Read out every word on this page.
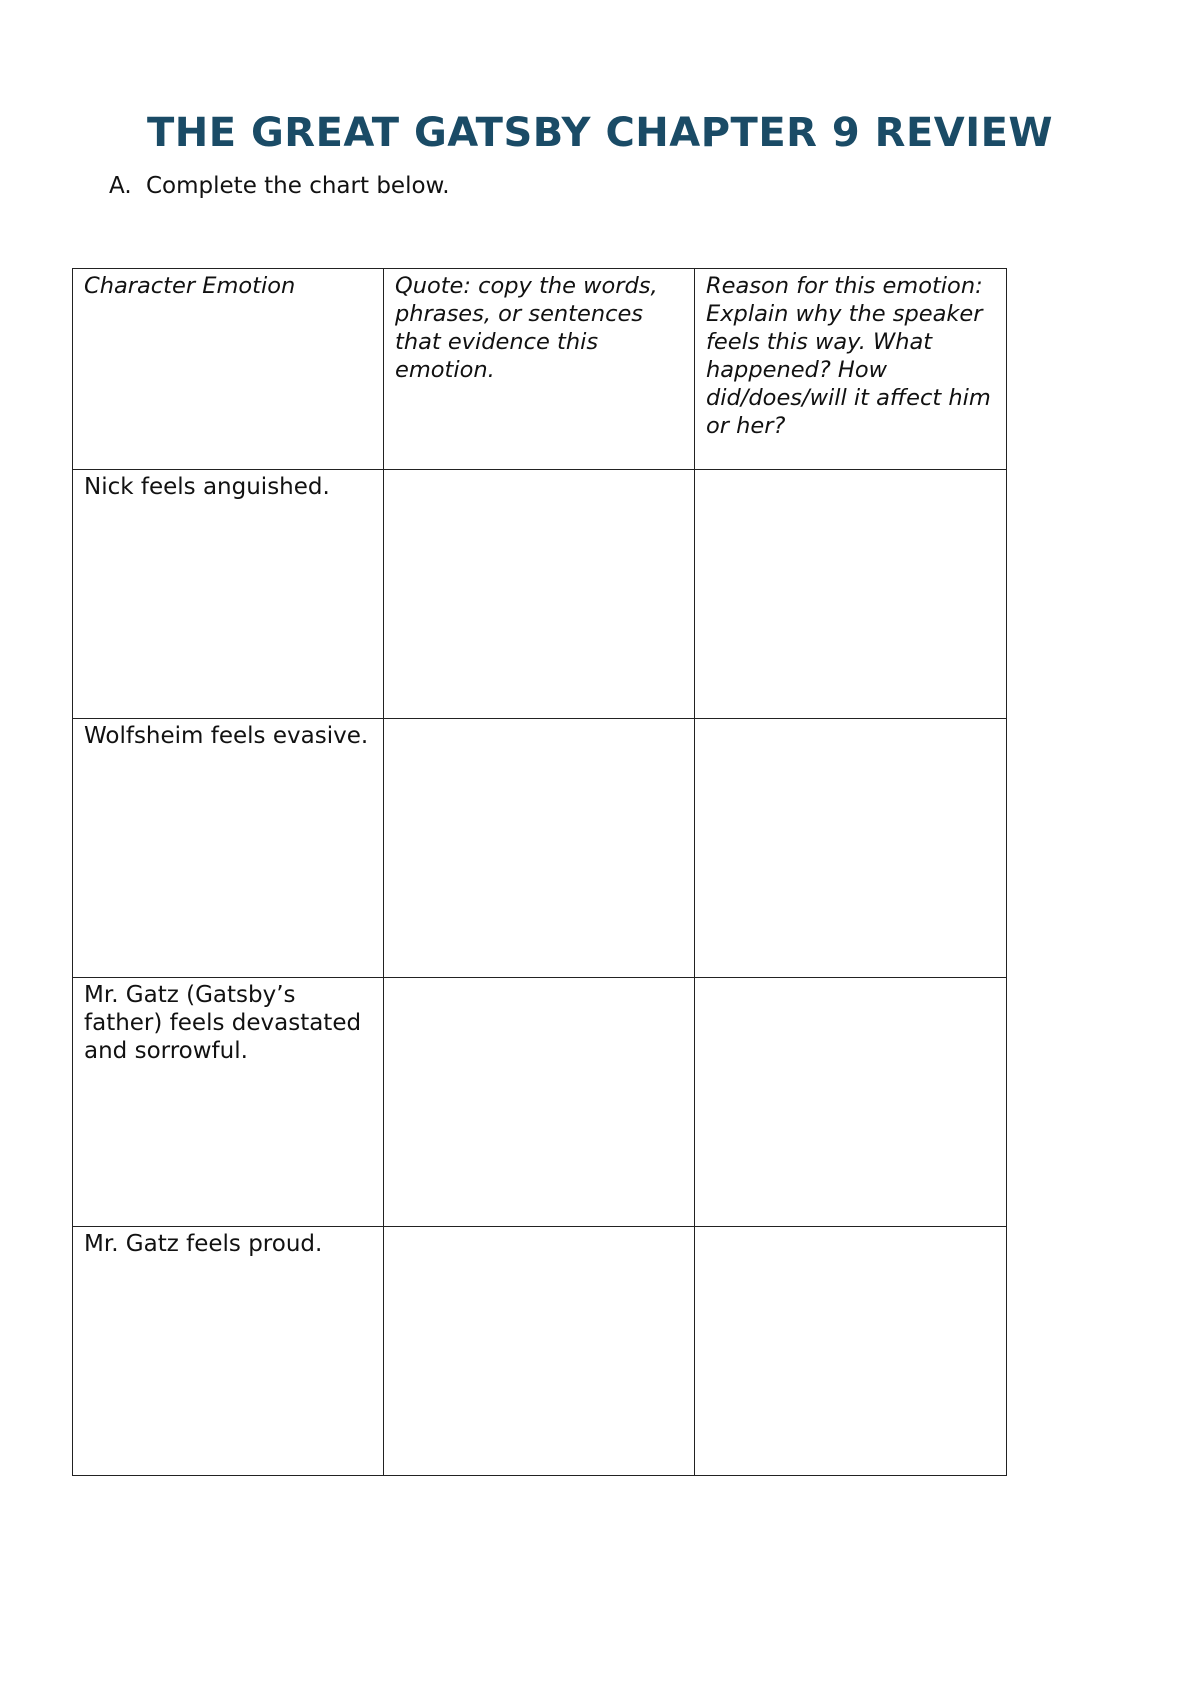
THE GREAT GATSBY CHAPTER 9 REVIEW
A. Complete the chart below.
Character Emotion	Quote: copy the words, phrases, or sentences that evidence this emotion.	Reason for this emotion: Explain why the speaker feels this way. What happened? How did/does/will it affect him or her?

Nick feels anguished.		

Wolfsheim feels evasive.		

Mr. Gatz (Gatsby’s father) feels devastated and sorrowful.		

Mr. Gatz feels proud.		
